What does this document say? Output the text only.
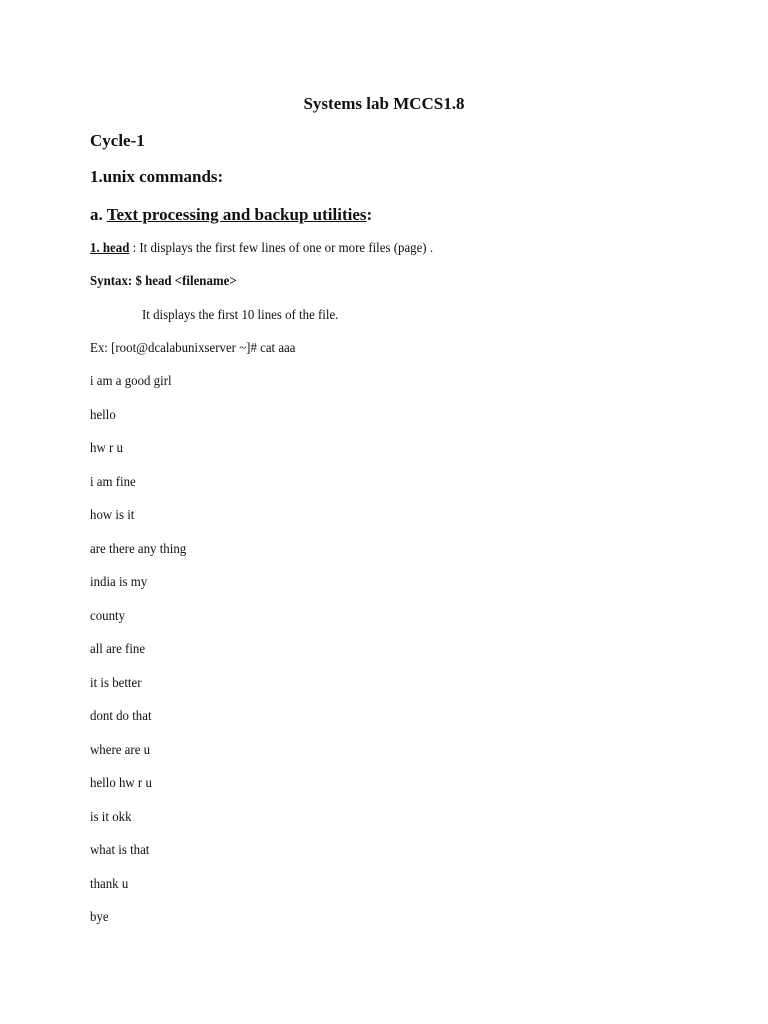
Systems lab MCCS1.8
Cycle-1
1.unix commands:
a. Text processing and backup utilities:
1. head : It displays the first few lines of one or more files (page) .
Syntax: $ head <filename>
It displays the first 10 lines of the file.
Ex: [root@dcalabunixserver ~]# cat aaa
i am a good girl
hello
hw r u
i am fine
how is it
are there any thing
india is my
county
all are fine
it is better
dont do that
where are u
hello hw r u
is it okk
what is that
thank u
bye
